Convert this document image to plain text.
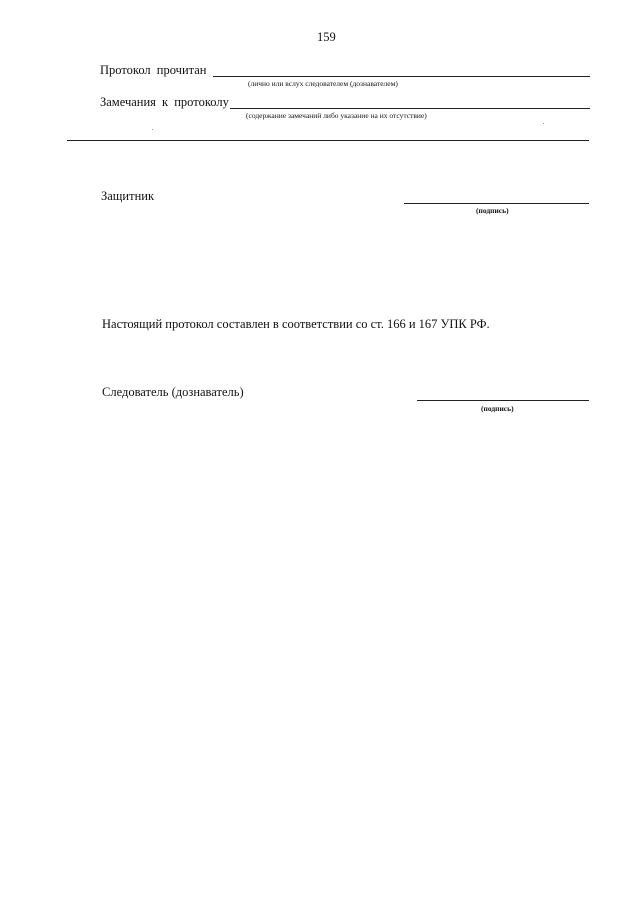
159
Протокол прочитан
(лично или вслух следователем (дознавателем)
Замечания к протоколу
(содержание замечаний либо указание на их отсутствие)
Защитник
(подпись)
Настоящий протокол составлен в соответствии со ст. 166 и 167 УПК РФ.
Следователь (дознаватель)
(подпись)
